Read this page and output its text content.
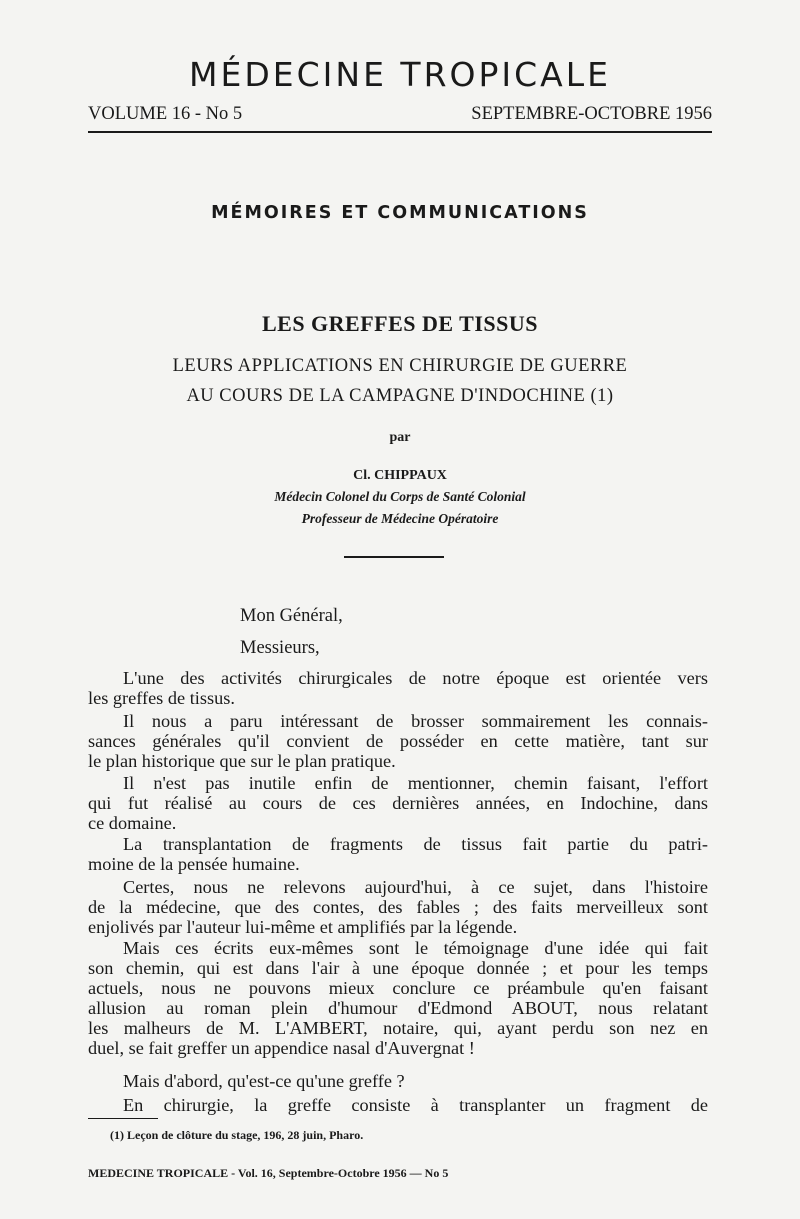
MÉDECINE TROPICALE
VOLUME 16 - No 5	SEPTEMBRE-OCTOBRE 1956
MÉMOIRES ET COMMUNICATIONS
LES GREFFES DE TISSUS
LEURS APPLICATIONS EN CHIRURGIE DE GUERRE
AU COURS DE LA CAMPAGNE D'INDOCHINE (1)
par
Cl. CHIPPAUX
Médecin Colonel du Corps de Santé Colonial
Professeur de Médecine Opératoire
Mon Général,
Messieurs,
L'une des activités chirurgicales de notre époque est orientée vers
les greffes de tissus.
Il nous a paru intéressant de brosser sommairement les connais-
sances générales qu'il convient de posséder en cette matière, tant sur
le plan historique que sur le plan pratique.
Il n'est pas inutile enfin de mentionner, chemin faisant, l'effort
qui fut réalisé au cours de ces dernières années, en Indochine, dans
ce domaine.
La transplantation de fragments de tissus fait partie du patri-
moine de la pensée humaine.
Certes, nous ne relevons aujourd'hui, à ce sujet, dans l'histoire
de la médecine, que des contes, des fables ; des faits merveilleux sont
enjolivés par l'auteur lui-même et amplifiés par la légende.
Mais ces écrits eux-mêmes sont le témoignage d'une idée qui fait
son chemin, qui est dans l'air à une époque donnée ; et pour les temps
actuels, nous ne pouvons mieux conclure ce préambule qu'en faisant
allusion au roman plein d'humour d'Edmond ABOUT, nous relatant
les malheurs de M. L'AMBERT, notaire, qui, ayant perdu son nez en
duel, se fait greffer un appendice nasal d'Auvergnat !
Mais d'abord, qu'est-ce qu'une greffe ?
En chirurgie, la greffe consiste à transplanter un fragment de
(1) Leçon de clôture du stage, 196, 28 juin, Pharo.
MEDECINE TROPICALE - Vol. 16, Septembre-Octobre 1956 — No 5
